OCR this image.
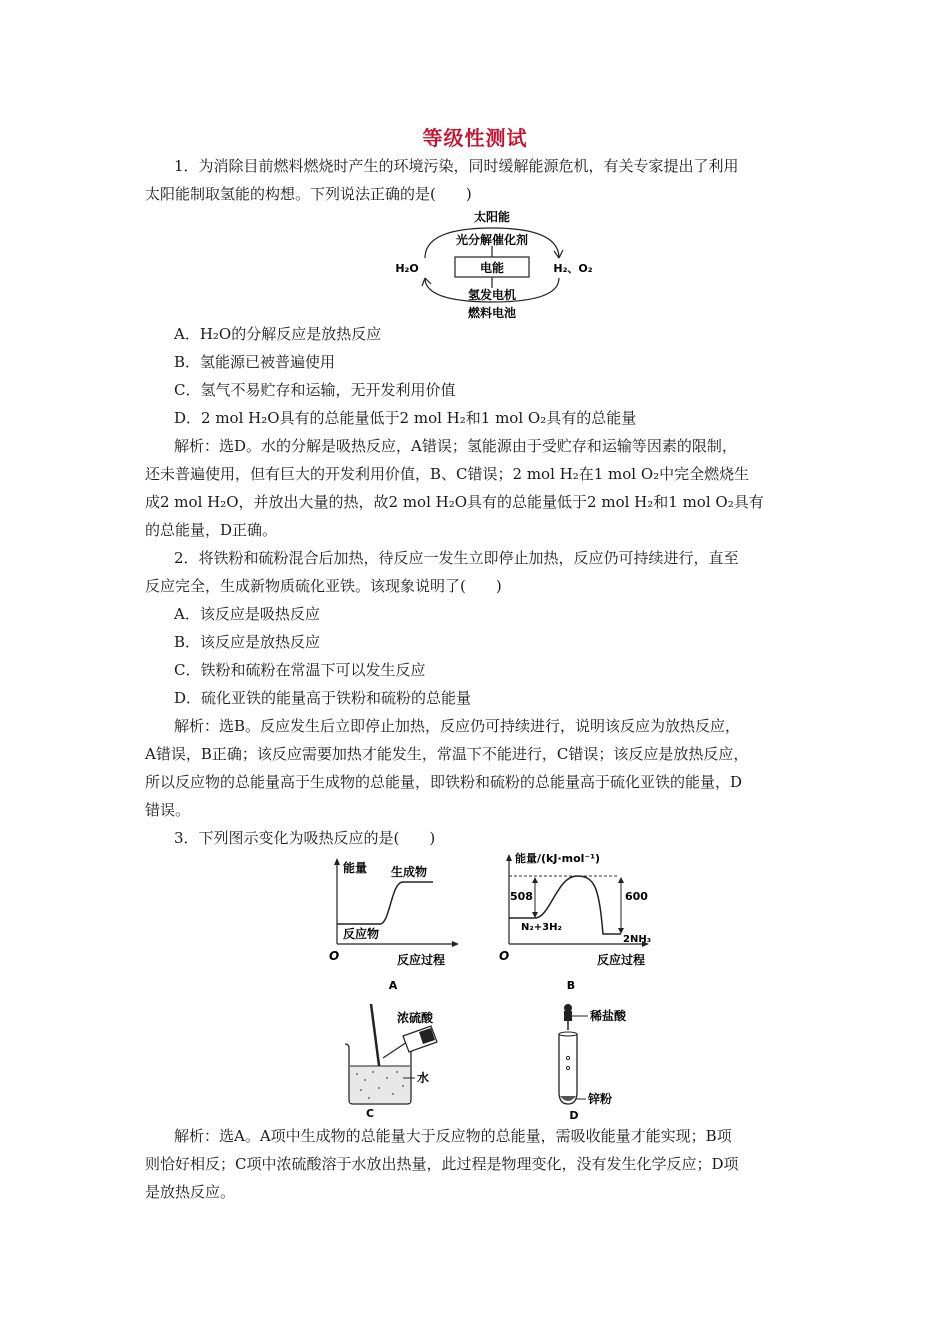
等级性测试
1．为消除目前燃料燃烧时产生的环境污染，同时缓解能源危机，有关专家提出了利用
太阳能制取氢能的构想。下列说法正确的是(　　)
太阳能
光分解催化剂
H₂O	电能	H₂、O₂
氢发电机
燃料电池
A．H₂O的分解反应是放热反应
B．氢能源已被普遍使用
C．氢气不易贮存和运输，无开发利用价值
D．2 mol H₂O具有的总能量低于2 mol H₂和1 mol O₂具有的总能量
解析：选D。水的分解是吸热反应，A错误；氢能源由于受贮存和运输等因素的限制，
还未普遍使用，但有巨大的开发利用价值，B、C错误；2 mol H₂在1 mol O₂中完全燃烧生
成2 mol H₂O，并放出大量的热，故2 mol H₂O具有的总能量低于2 mol H₂和1 mol O₂具有
的总能量，D正确。
2．将铁粉和硫粉混合后加热，待反应一发生立即停止加热，反应仍可持续进行，直至
反应完全，生成新物质硫化亚铁。该现象说明了(　　)
A．该反应是吸热反应
B．该反应是放热反应
C．铁粉和硫粉在常温下可以发生反应
D．硫化亚铁的能量高于铁粉和硫粉的总能量
解析：选B。反应发生后立即停止加热，反应仍可持续进行，说明该反应为放热反应，
A错误，B正确；该反应需要加热才能发生，常温下不能进行，C错误；该反应是放热反应，
所以反应物的总能量高于生成物的总能量，即铁粉和硫粉的总能量高于硫化亚铁的能量，D
错误。
3．下列图示变化为吸热反应的是(　　)
能量 生成物
反应物
O	反应过程
A
能量/(kJ·mol⁻¹)
508	600
N₂+3H₂
2NH₃
O	反应过程
B
浓硫酸
水
C
稀盐酸
锌粉
D
解析：选A。A项中生成物的总能量大于反应物的总能量，需吸收能量才能实现；B项
则恰好相反；C项中浓硫酸溶于水放出热量，此过程是物理变化，没有发生化学反应；D项
是放热反应。
